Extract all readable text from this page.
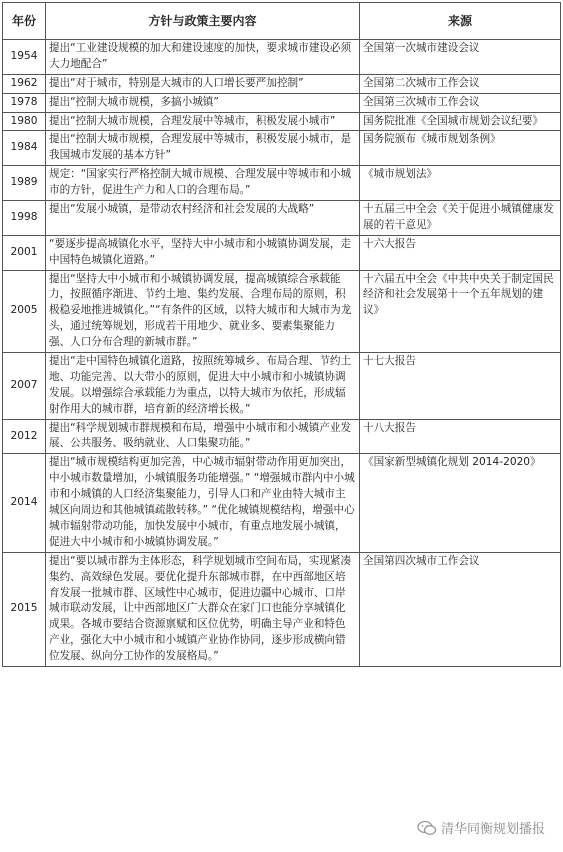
年份	方针与政策主要内容	来源
1954	提出“工业建设规模的加大和建设速度的加快，要求城市建设必须大力地配合”	全国第一次城市建设会议
1962	提出“对于城市，特别是大城市的人口增长要严加控制”	全国第二次城市工作会议
1978	提出“控制大城市规模，多搞小城镇”	全国第三次城市工作会议
1980	提出“控制大城市规模，合理发展中等城市，积极发展小城市”	国务院批准《全国城市规划会议纪要》
1984	提出“控制大城市规模，合理发展中等城市，积极发展小城市，是我国城市发展的基本方针”	国务院颁布《城市规划条例》
1989	规定：“国家实行严格控制大城市规模、合理发展中等城市和小城市的方针，促进生产力和人口的合理布局。”	《城市规划法》
1998	提出“发展小城镇，是带动农村经济和社会发展的大战略”	十五届三中全会《关于促进小城镇健康发展的若干意见》
2001	“要逐步提高城镇化水平，坚持大中小城市和小城镇协调发展，走中国特色城镇化道路。”	十六大报告
2005	提出“坚持大中小城市和小城镇协调发展，提高城镇综合承载能力，按照循序渐进、节约土地、集约发展、合理布局的原则，积极稳妥地推进城镇化。”“有条件的区域，以特大城市和大城市为龙头，通过统筹规划，形成若干用地少、就业多、要素集聚能力强、人口分布合理的新城市群。”	十六届五中全会《中共中央关于制定国民经济和社会发展第十一个五年规划的建议》
2007	提出“走中国特色城镇化道路，按照统筹城乡、布局合理、节约土地、功能完善、以大带小的原则，促进大中小城市和小城镇协调发展。以增强综合承载能力为重点，以特大城市为依托，形成辐射作用大的城市群，培育新的经济增长极。”	十七大报告
2012	提出“科学规划城市群规模和布局，增强中小城市和小城镇产业发展、公共服务、吸纳就业、人口集聚功能。”	十八大报告
2014	提出“城市规模结构更加完善，中心城市辐射带动作用更加突出，中小城市数量增加，小城镇服务功能增强。” “增强城市群内中小城市和小城镇的人口经济集聚能力，引导人口和产业由特大城市主城区向周边和其他城镇疏散转移。” “优化城镇规模结构，增强中心城市辐射带动功能，加快发展中小城市，有重点地发展小城镇，促进大中小城市和小城镇协调发展。”	《国家新型城镇化规划 2014-2020》
2015	提出“要以城市群为主体形态，科学规划城市空间布局，实现紧凑集约、高效绿色发展。要优化提升东部城市群，在中西部地区培育发展一批城市群、区域性中心城市，促进边疆中心城市、口岸城市联动发展，让中西部地区广大群众在家门口也能分享城镇化成果。各城市要结合资源禀赋和区位优势，明确主导产业和特色产业，强化大中小城市和小城镇产业协作协同，逐步形成横向错位发展、纵向分工协作的发展格局。”	全国第四次城市工作会议
清华同衡规划播报
